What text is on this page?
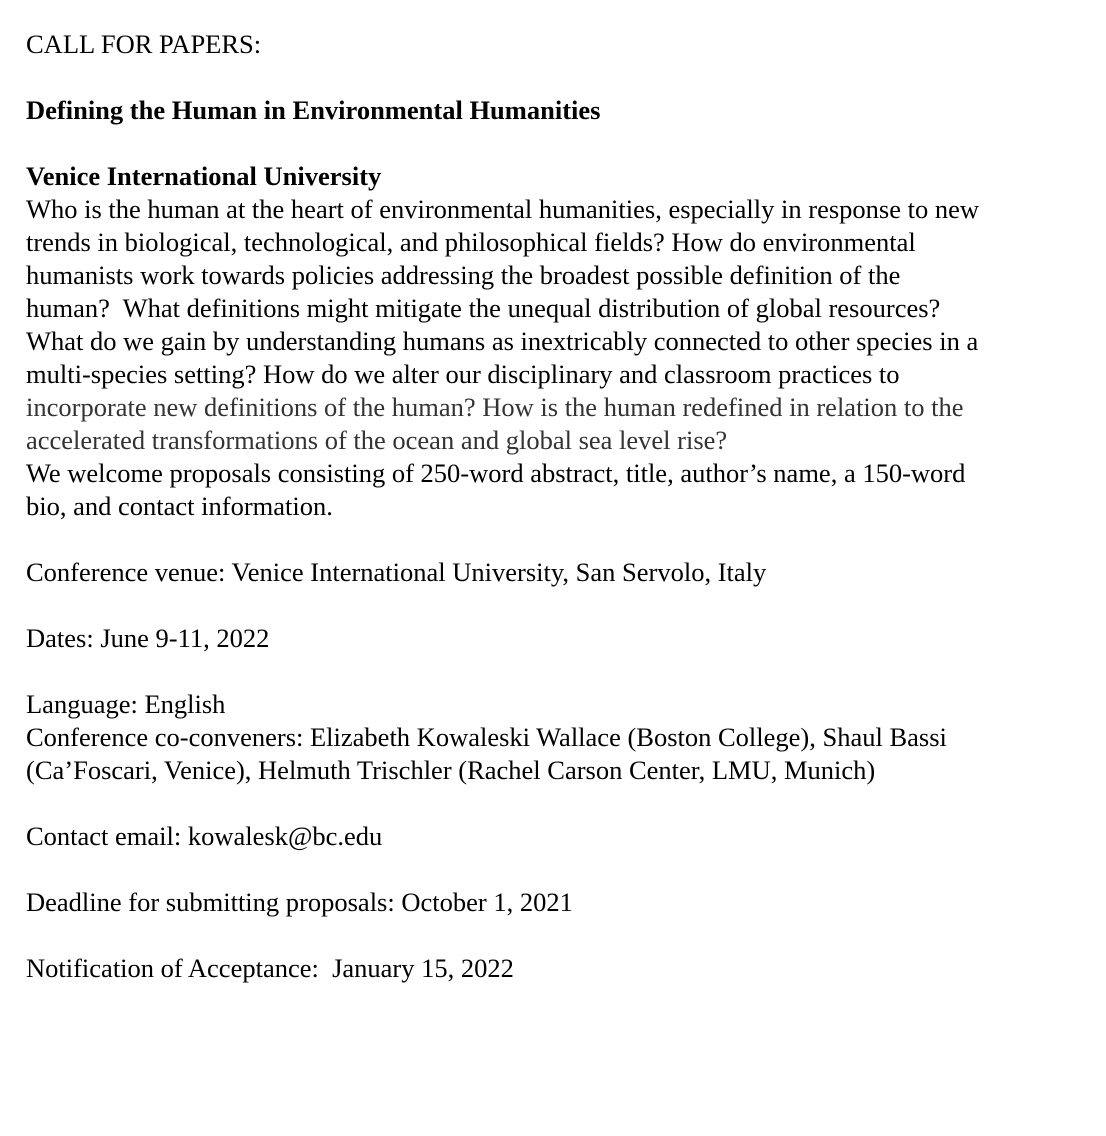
CALL FOR PAPERS:

Defining the Human in Environmental Humanities

Venice International University

Who is the human at the heart of environmental humanities, especially in response to new
trends in biological, technological, and philosophical fields? How do environmental
humanists work towards policies addressing the broadest possible definition of the
human?  What definitions might mitigate the unequal distribution of global resources?
What do we gain by understanding humans as inextricably connected to other species in a
multi-species setting? How do we alter our disciplinary and classroom practices to
incorporate new definitions of the human? How is the human redefined in relation to the
accelerated transformations of the ocean and global sea level rise?
We welcome proposals consisting of 250-word abstract, title, author’s name, a 150-word
bio, and contact information.

Conference venue: Venice International University, San Servolo, Italy

Dates: June 9-11, 2022

Language: English

Conference co-conveners: Elizabeth Kowaleski Wallace (Boston College), Shaul Bassi
(Ca’Foscari, Venice), Helmuth Trischler (Rachel Carson Center, LMU, Munich)

Contact email: kowalesk@bc.edu

Deadline for submitting proposals: October 1, 2021

Notification of Acceptance:  January 15, 2022
